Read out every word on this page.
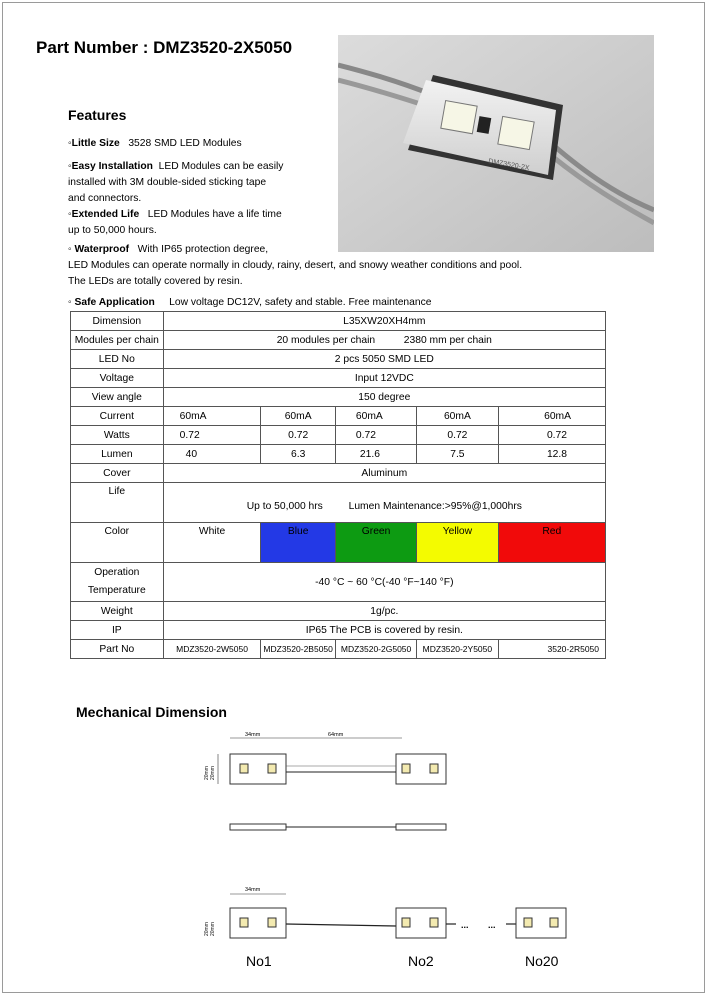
Part Number : DMZ3520-2X5050
DMZ3520-2X
Features
◦Little Size 3528 SMD LED Modules
◦Easy Installation LED Modules can be easily
installed with 3M double-sided sticking tape
and connectors.
◦Extended Life LED Modules have a life time
up to 50,000 hours.
◦ Waterproof With IP65 protection degree,
LED Modules can operate normally in cloudy, rainy, desert, and snowy weather conditions and pool.
The LEDs are totally covered by resin.
◦ Safe Application Low voltage DC12V, safety and stable. Free maintenance
Dimension	L35XW20XH4mm				
Modules per chain	20 modules per chain 2380 mm per chain				
LED No	2 pcs 5050 SMD LED				
Voltage	Input 12VDC				
View angle	150 degree				
Current	60mA	60mA	60mA	60mA	60mA
Watts	0.72	0.72	0.72	0.72	0.72
Lumen	40	6.3	21.6	7.5	12.8
Cover	Aluminum				
Life	Up to 50,000 hrs Lumen Maintenance:>95%@1,000hrs				
Color	White	Blue	Green	Yellow	Red

Operation
Temperature	-40 °C ~ 60 °C(-40 °F~140 °F)				
Weight	1g/pc.				
IP	IP65 The PCB is covered by resin.				
Part No	MDZ3520-2W5050	MDZ3520-2B5050	MDZ3520-2G5050	MDZ3520-2Y5050	3520-2R5050
Mechanical Dimension
34mm	64mm
20mm 20mm
34mm
20mm 20mm	... ...
No1	No2	No20
